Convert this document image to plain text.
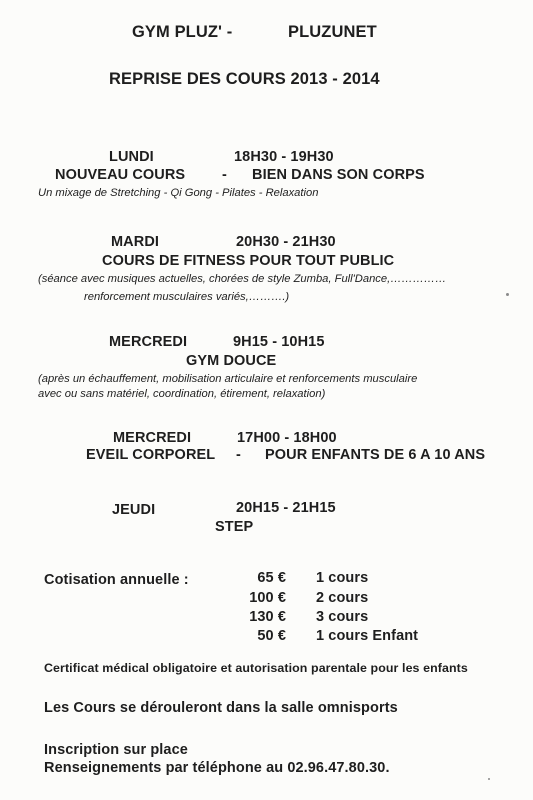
GYM PLUZ' -	PLUZUNET
REPRISE DES COURS 2013 - 2014
LUNDI	18H30 - 19H30
NOUVEAU COURS	- BIEN DANS SON CORPS
Un mixage de Stretching - Qi Gong - Pilates - Relaxation
MARDI	20H30 - 21H30
COURS DE FITNESS POUR TOUT PUBLIC
(séance avec musiques actuelles, chorées de style Zumba, Full'Dance,……………
renforcement musculaires variés,……….)
MERCREDI	9H15 - 10H15
GYM DOUCE
(après un échauffement, mobilisation articulaire et renforcements musculaire
avec ou sans matériel, coordination, étirement, relaxation)
MERCREDI	17H00 - 18H00
EVEIL CORPOREL - POUR ENFANTS DE 6 A 10 ANS
JEUDI	20H15 - 21H15
STEP
Cotisation annuelle :	65 € 1 cours
100 € 2 cours
130 € 3 cours
50 € 1 cours Enfant
Certificat médical obligatoire et autorisation parentale pour les enfants
Les Cours se dérouleront dans la salle omnisports
Inscription sur place
Renseignements par téléphone au 02.96.47.80.30.
